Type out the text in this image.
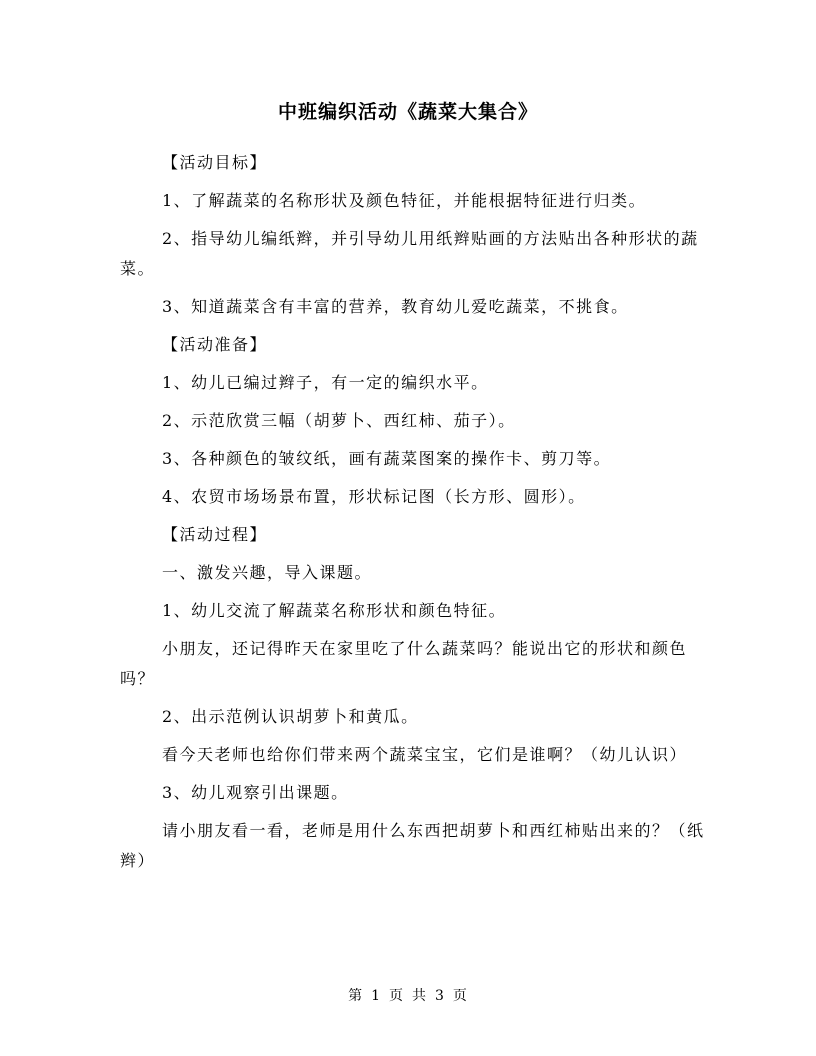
中班编织活动《蔬菜大集合》

【活动目标】

1、了解蔬菜的名称形状及颜色特征，并能根据特征进行归类。

2、指导幼儿编纸辫，并引导幼儿用纸辫贴画的方法贴出各种形状的蔬菜。

3、知道蔬菜含有丰富的营养，教育幼儿爱吃蔬菜，不挑食。

【活动准备】

1、幼儿已编过辫子，有一定的编织水平。

2、示范欣赏三幅（胡萝卜、西红柿、茄子）。

3、各种颜色的皱纹纸，画有蔬菜图案的操作卡、剪刀等。

4、农贸市场场景布置，形状标记图（长方形、圆形）。

【活动过程】

一、激发兴趣，导入课题。

1、幼儿交流了解蔬菜名称形状和颜色特征。

小朋友，还记得昨天在家里吃了什么蔬菜吗？能说出它的形状和颜色吗？

2、出示范例认识胡萝卜和黄瓜。

看今天老师也给你们带来两个蔬菜宝宝，它们是谁啊？（幼儿认识）

3、幼儿观察引出课题。

请小朋友看一看，老师是用什么东西把胡萝卜和西红柿贴出来的？（纸辫）

第 1 页 共 3 页
